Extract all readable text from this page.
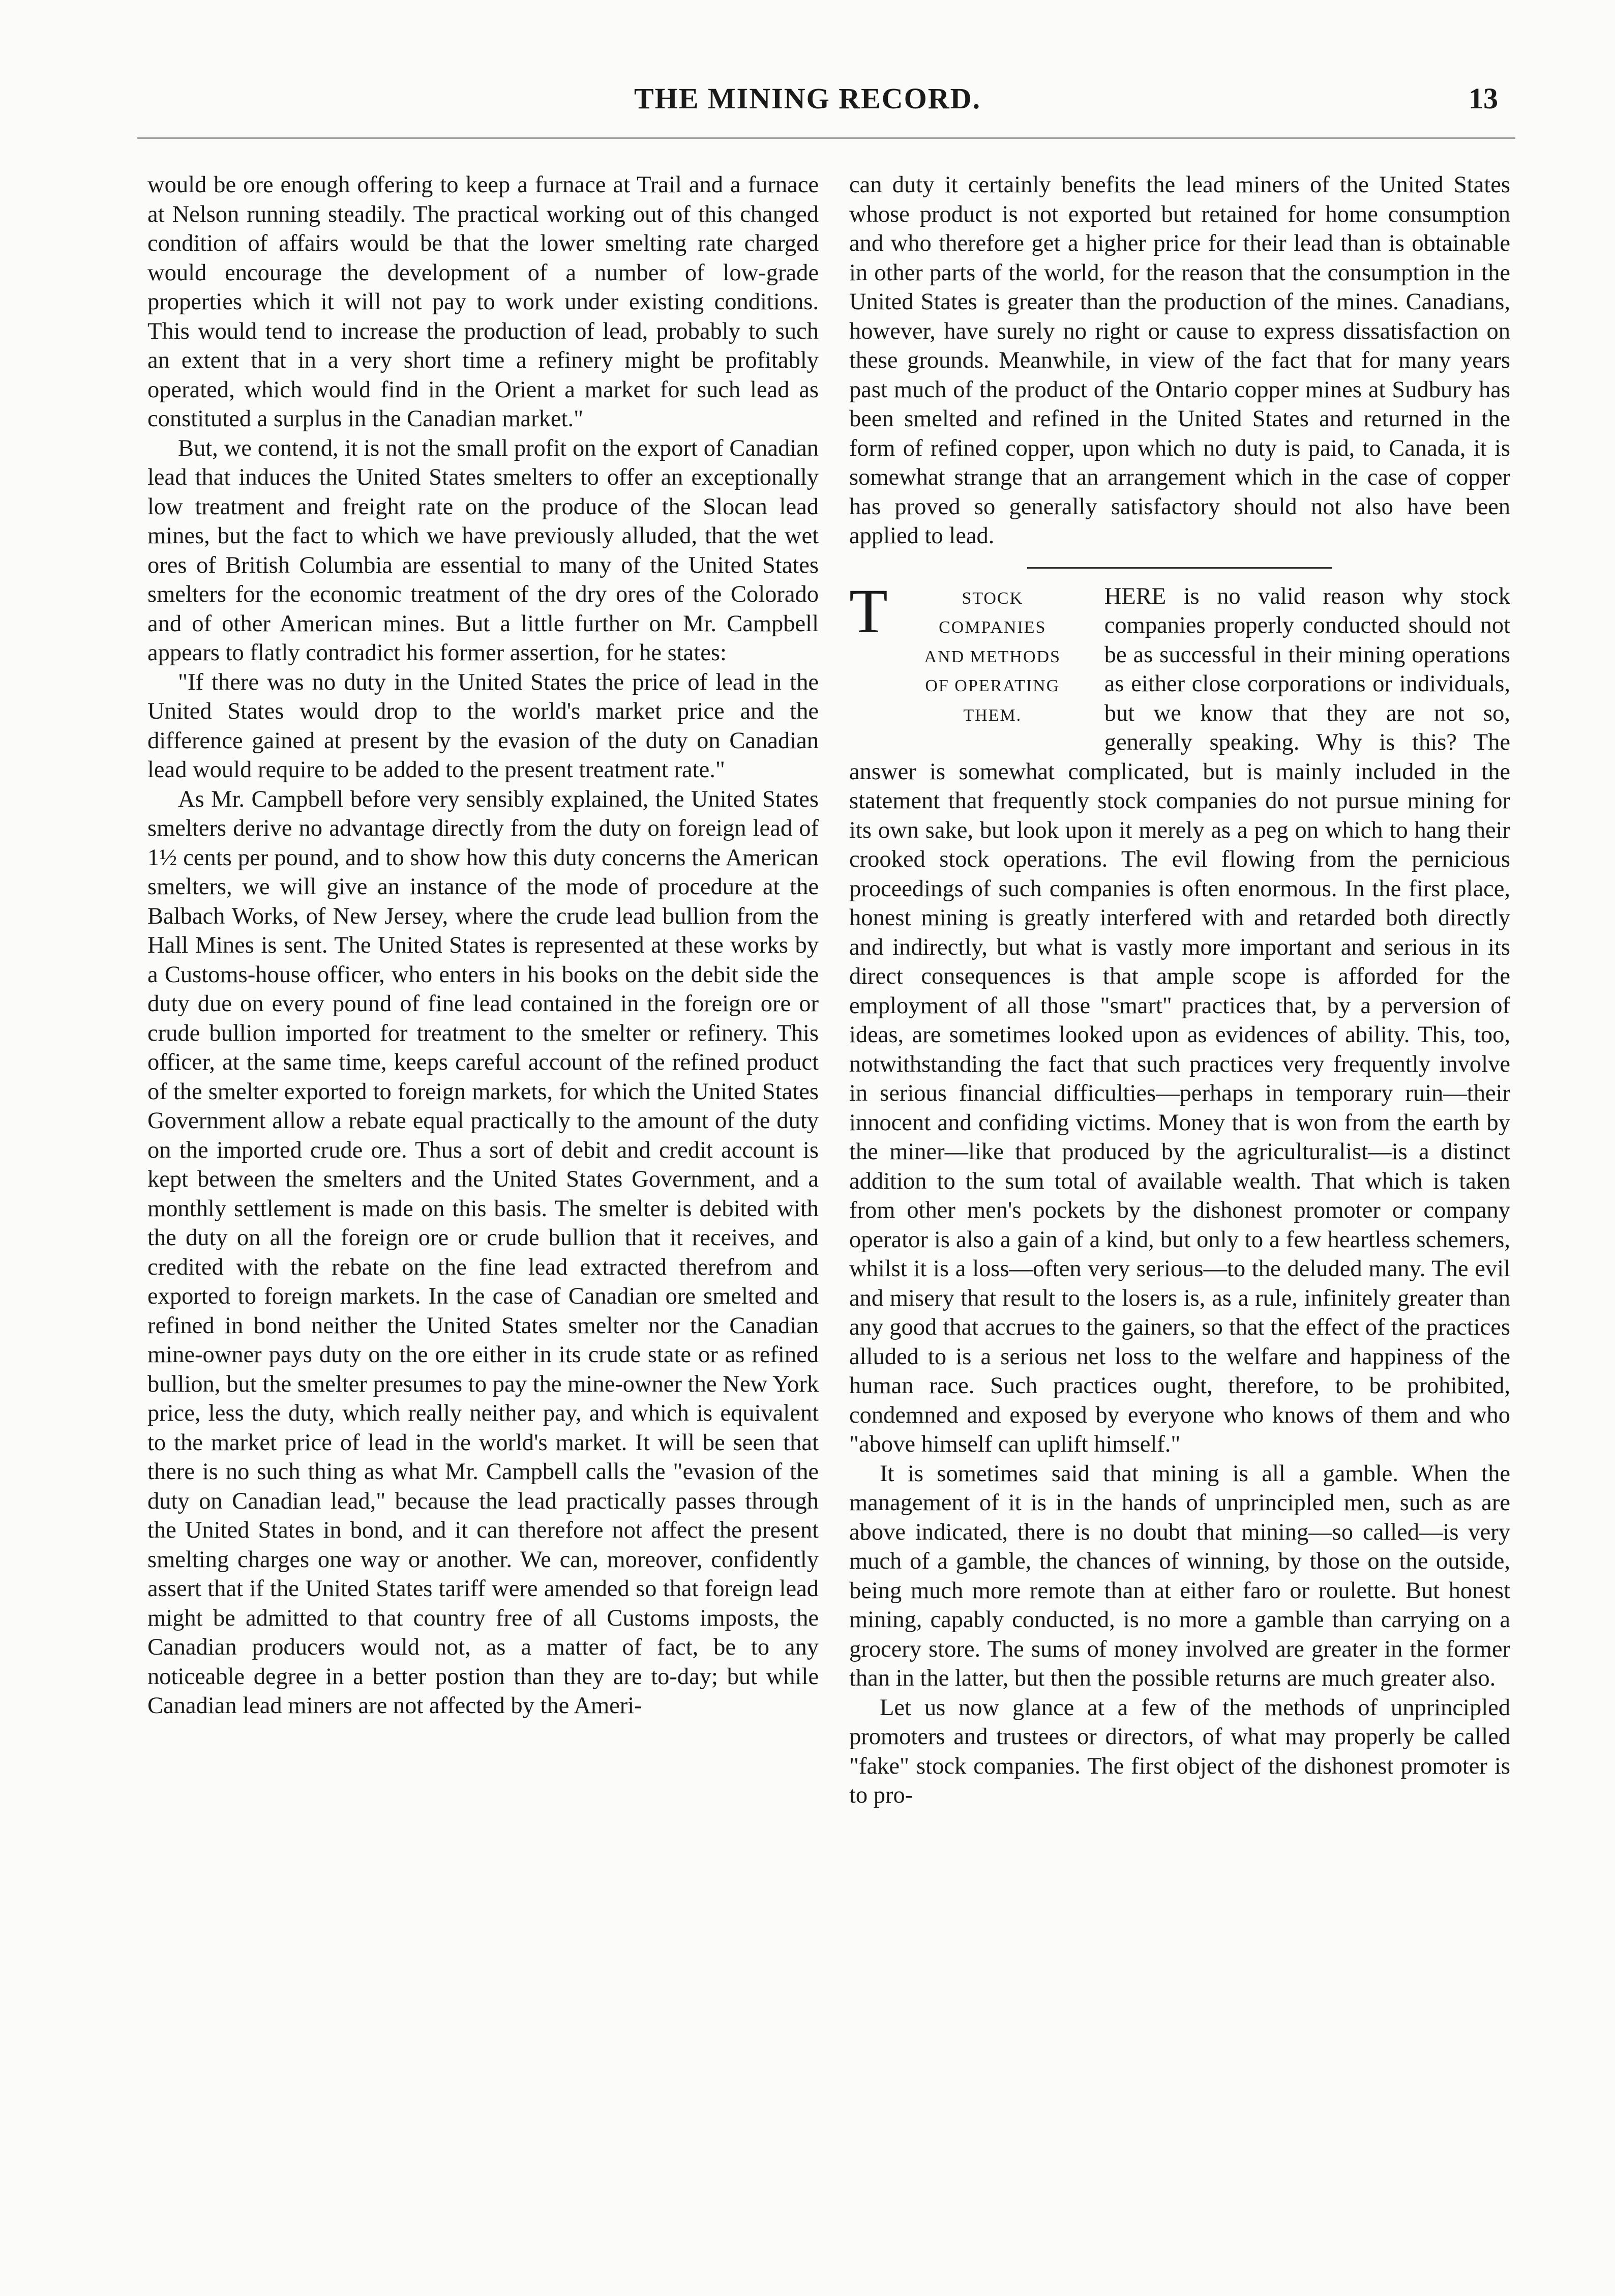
THE MINING RECORD.	13

would be ore enough offering to keep a furnace at Trail and a furnace at Nelson running steadily. The practical working out of this changed condition of affairs would be that the lower smelting rate charged would encourage the development of a number of low-grade properties which it will not pay to work under existing conditions. This would tend to increase the production of lead, probably to such an extent that in a very short time a refinery might be profitably operated, which would find in the Orient a market for such lead as constituted a surplus in the Canadian market."

But, we contend, it is not the small profit on the export of Canadian lead that induces the United States smelters to offer an exceptionally low treatment and freight rate on the produce of the Slocan lead mines, but the fact to which we have previously alluded, that the wet ores of British Columbia are essential to many of the United States smelters for the economic treatment of the dry ores of the Colorado and of other American mines. But a little further on Mr. Campbell appears to flatly contradict his former assertion, for he states:

"If there was no duty in the United States the price of lead in the United States would drop to the world's market price and the difference gained at present by the evasion of the duty on Canadian lead would require to be added to the present treatment rate."

As Mr. Campbell before very sensibly explained, the United States smelters derive no advantage directly from the duty on foreign lead of 1½ cents per pound, and to show how this duty concerns the American smelters, we will give an instance of the mode of procedure at the Balbach Works, of New Jersey, where the crude lead bullion from the Hall Mines is sent. The United States is represented at these works by a Customs-house officer, who enters in his books on the debit side the duty due on every pound of fine lead contained in the foreign ore or crude bullion imported for treatment to the smelter or refinery. This officer, at the same time, keeps careful account of the refined product of the smelter exported to foreign markets, for which the United States Government allow a rebate equal practically to the amount of the duty on the imported crude ore. Thus a sort of debit and credit account is kept between the smelters and the United States Government, and a monthly settlement is made on this basis. The smelter is debited with the duty on all the foreign ore or crude bullion that it receives, and credited with the rebate on the fine lead extracted therefrom and exported to foreign markets. In the case of Canadian ore smelted and refined in bond neither the United States smelter nor the Canadian mine-owner pays duty on the ore either in its crude state or as refined bullion, but the smelter presumes to pay the mine-owner the New York price, less the duty, which really neither pay, and which is equivalent to the market price of lead in the world's market. It will be seen that there is no such thing as what Mr. Campbell calls the "evasion of the duty on Canadian lead," because the lead practically passes through the United States in bond, and it can therefore not affect the present smelting charges one way or another. We can, moreover, confidently assert that if the United States tariff were amended so that foreign lead might be admitted to that country free of all Customs imposts, the Canadian producers would not, as a matter of fact, be to any noticeable degree in a better postion than they are to-day; but while Canadian lead miners are not affected by the Ameri-

can duty it certainly benefits the lead miners of the United States whose product is not exported but retained for home consumption and who therefore get a higher price for their lead than is obtainable in other parts of the world, for the reason that the consumption in the United States is greater than the production of the mines. Canadians, however, have surely no right or cause to express dissatisfaction on these grounds. Meanwhile, in view of the fact that for many years past much of the product of the Ontario copper mines at Sudbury has been smelted and refined in the United States and returned in the form of refined copper, upon which no duty is paid, to Canada, it is somewhat strange that an arrangement which in the case of copper has proved so generally satisfactory should not also have been applied to lead.

T	STOCK
COMPANIES
AND METHODS
OF OPERATING
THEM.

HERE is no valid reason why stock companies properly conducted should not be as successful in their mining operations as either close corporations or individuals, but we know that they are not so, generally speaking. Why is this? The answer is somewhat complicated, but is mainly included in the statement that frequently stock companies do not pursue mining for its own sake, but look upon it merely as a peg on which to hang their crooked stock operations. The evil flowing from the pernicious proceedings of such companies is often enormous. In the first place, honest mining is greatly interfered with and retarded both directly and indirectly, but what is vastly more important and serious in its direct consequences is that ample scope is afforded for the employment of all those "smart" practices that, by a perversion of ideas, are sometimes looked upon as evidences of ability. This, too, notwithstanding the fact that such practices very frequently involve in serious financial difficulties—perhaps in temporary ruin—their innocent and confiding victims. Money that is won from the earth by the miner—like that produced by the agriculturalist—is a distinct addition to the sum total of available wealth. That which is taken from other men's pockets by the dishonest promoter or company operator is also a gain of a kind, but only to a few heartless schemers, whilst it is a loss—often very serious—to the deluded many. The evil and misery that result to the losers is, as a rule, infinitely greater than any good that accrues to the gainers, so that the effect of the practices alluded to is a serious net loss to the welfare and happiness of the human race. Such practices ought, therefore, to be prohibited, condemned and exposed by everyone who knows of them and who "above himself can uplift himself."

It is sometimes said that mining is all a gamble. When the management of it is in the hands of unprincipled men, such as are above indicated, there is no doubt that mining—so called—is very much of a gamble, the chances of winning, by those on the outside, being much more remote than at either faro or roulette. But honest mining, capably conducted, is no more a gamble than carrying on a grocery store. The sums of money involved are greater in the former than in the latter, but then the possible returns are much greater also.

Let us now glance at a few of the methods of unprincipled promoters and trustees or directors, of what may properly be called "fake" stock companies. The first object of the dishonest promoter is to pro-
